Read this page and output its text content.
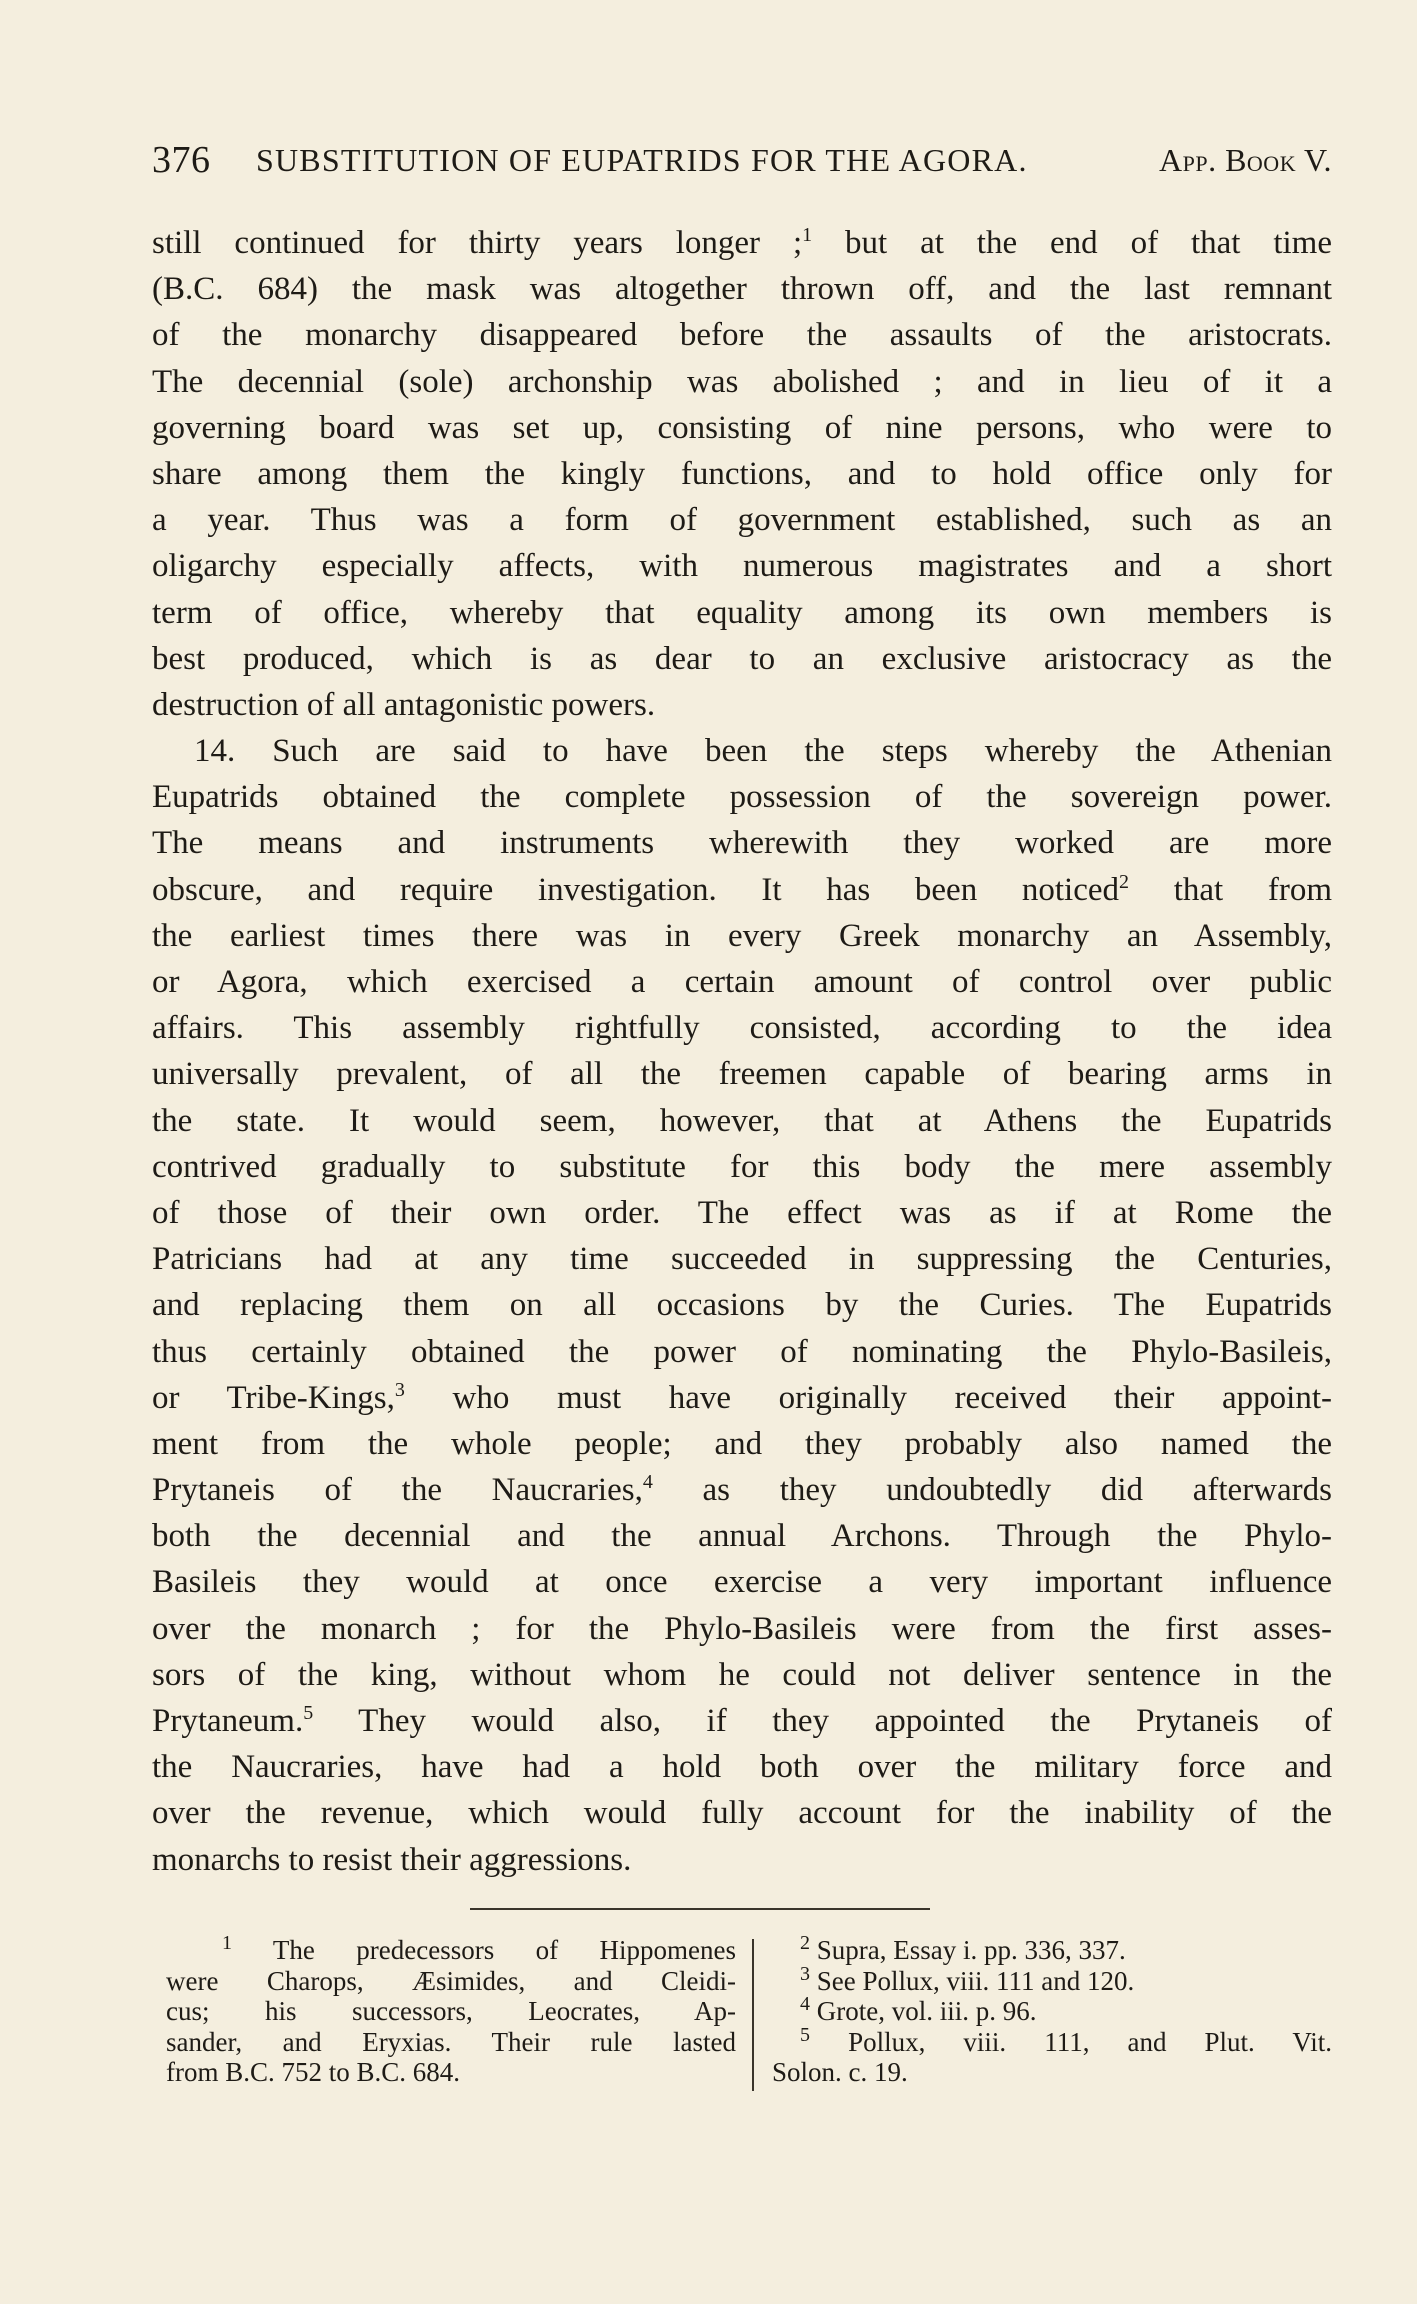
376 SUBSTITUTION OF EUPATRIDS FOR THE AGORA.	App. Book V.
still continued for thirty years longer ;$^1$ but at the end of that time
(B.C. 684) the mask was altogether thrown off, and the last remnant
of the monarchy disappeared before the assaults of the aristocrats.
The decennial (sole) archonship was abolished ; and in lieu of it a
governing board was set up, consisting of nine persons, who were to
share among them the kingly functions, and to hold office only for
a year. Thus was a form of government established, such as an
oligarchy especially affects, with numerous magistrates and a short
term of office, whereby that equality among its own members is
best produced, which is as dear to an exclusive aristocracy as the
destruction of all antagonistic powers.
14. Such are said to have been the steps whereby the Athenian
Eupatrids obtained the complete possession of the sovereign power.
The means and instruments wherewith they worked are more
obscure, and require investigation. It has been noticed$^2$ that from
the earliest times there was in every Greek monarchy an Assembly,
or Agora, which exercised a certain amount of control over public
affairs. This assembly rightfully consisted, according to the idea
universally prevalent, of all the freemen capable of bearing arms in
the state. It would seem, however, that at Athens the Eupatrids
contrived gradually to substitute for this body the mere assembly
of those of their own order. The effect was as if at Rome the
Patricians had at any time succeeded in suppressing the Centuries,
and replacing them on all occasions by the Curies. The Eupatrids
thus certainly obtained the power of nominating the Phylo-Basileis,
or Tribe-Kings,$^3$ who must have originally received their appoint-
ment from the whole people; and they probably also named the
Prytaneis of the Naucraries,$^4$ as they undoubtedly did afterwards
both the decennial and the annual Archons. Through the Phylo-
Basileis they would at once exercise a very important influence
over the monarch ; for the Phylo-Basileis were from the first asses-
sors of the king, without whom he could not deliver sentence in the
Prytaneum.$^5$ They would also, if they appointed the Prytaneis of
the Naucraries, have had a hold both over the military force and
over the revenue, which would fully account for the inability of the
monarchs to resist their aggressions.
$^1$ The predecessors of Hippomenes
were Charops, Æsimides, and Cleidi-
cus; his successors, Leocrates, Ap-
sander, and Eryxias. Their rule lasted
from B.C. 752 to B.C. 684.
$^2$ Supra, Essay i. pp. 336, 337.
$^3$ See Pollux, viii. 111 and 120.
$^4$ Grote, vol. iii. p. 96.
$^5$ Pollux, viii. 111, and Plut. Vit.
Solon. c. 19.
